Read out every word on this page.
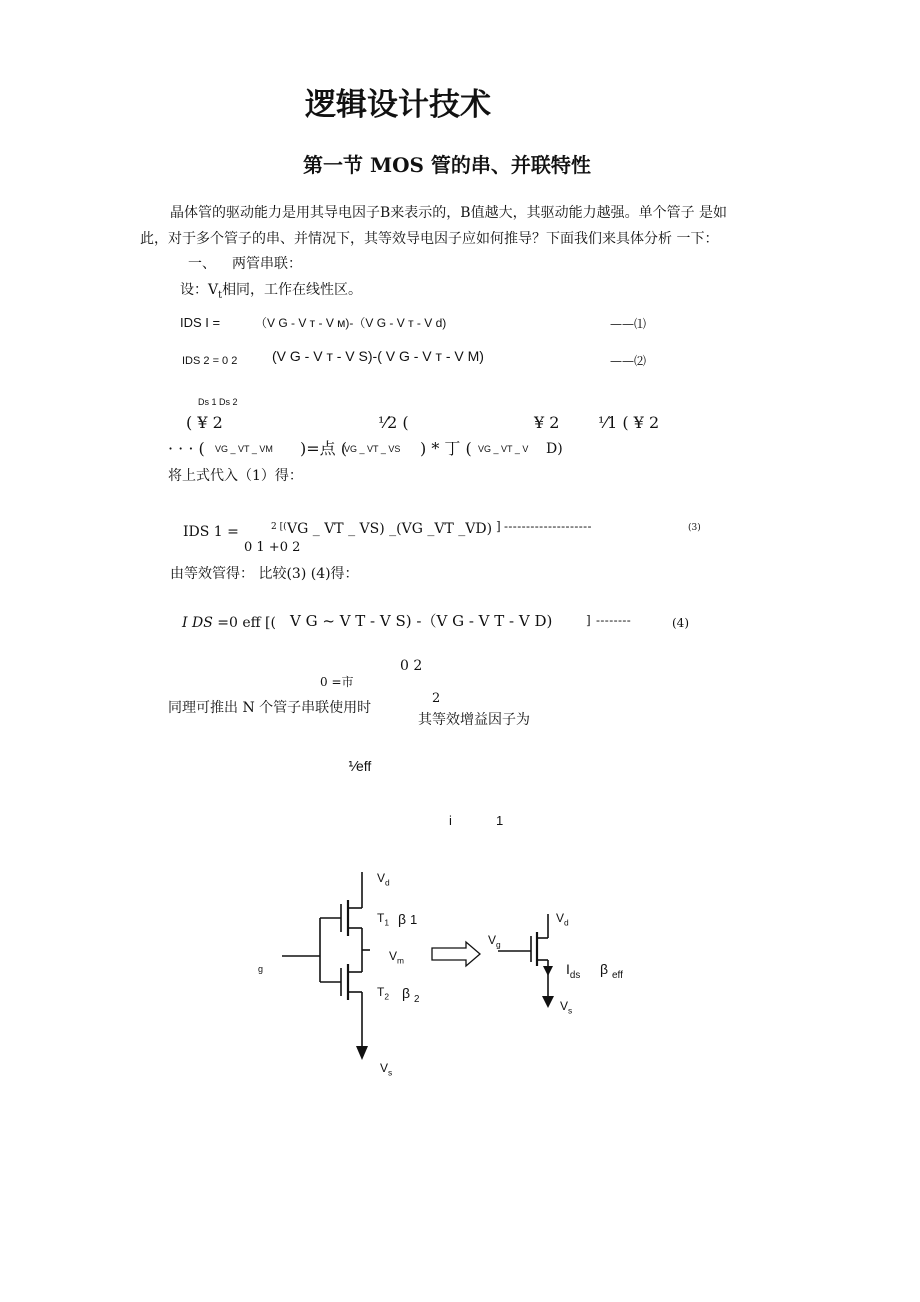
逻辑设计技术
第一节 MOS 管的串、并联特性
晶体管的驱动能力是用其导电因子B来表示的，B值越大，其驱动能力越强。单个管子 是如
此，对于多个管子的串、并情况下，其等效导电因子应如何推导？下面我们来具体分析 一下：
一、 两管串联：
设：$V_t$相同，工作在线性区。
IDS I =	（V G - V т - V м)-（V G - V т - V d)	——⑴
IDS 2 = 0 2 (V G - V т - V S)-( V G - V т - V M)	——⑵
Ds 1 Ds 2
( ¥ 2	⅟2 (	¥ 2 ⅟1 ( ¥ 2
· · · ( VG _ VT _ VM )=点 (
VG _ VT _ VS ) * 丁 ( VG _ VT _ V D)
将上式代入（1）得：
IDS 1 =	2 [( VG _ VT _ VS) _(VG _VT _VD) ] --------------------	(3)
0 1 +0 2
由等效管得： 比较(3) (4)得：
I DS = 0 eff [( V G ~ V T - V S) -（V G - V T - V D)	] --------	(4)
0 2
0 =市
同理可推出 N 个管子串联使用时
2
其等效增益因子为
⅟eff
i	1
$V_d$
$T_1$ β 1
$V_m$
$T_2$ β $_2$
g
$V_s$
$V_g$
$V_d$
$I_{ds}$ β $_{eff}$
$V_s$
